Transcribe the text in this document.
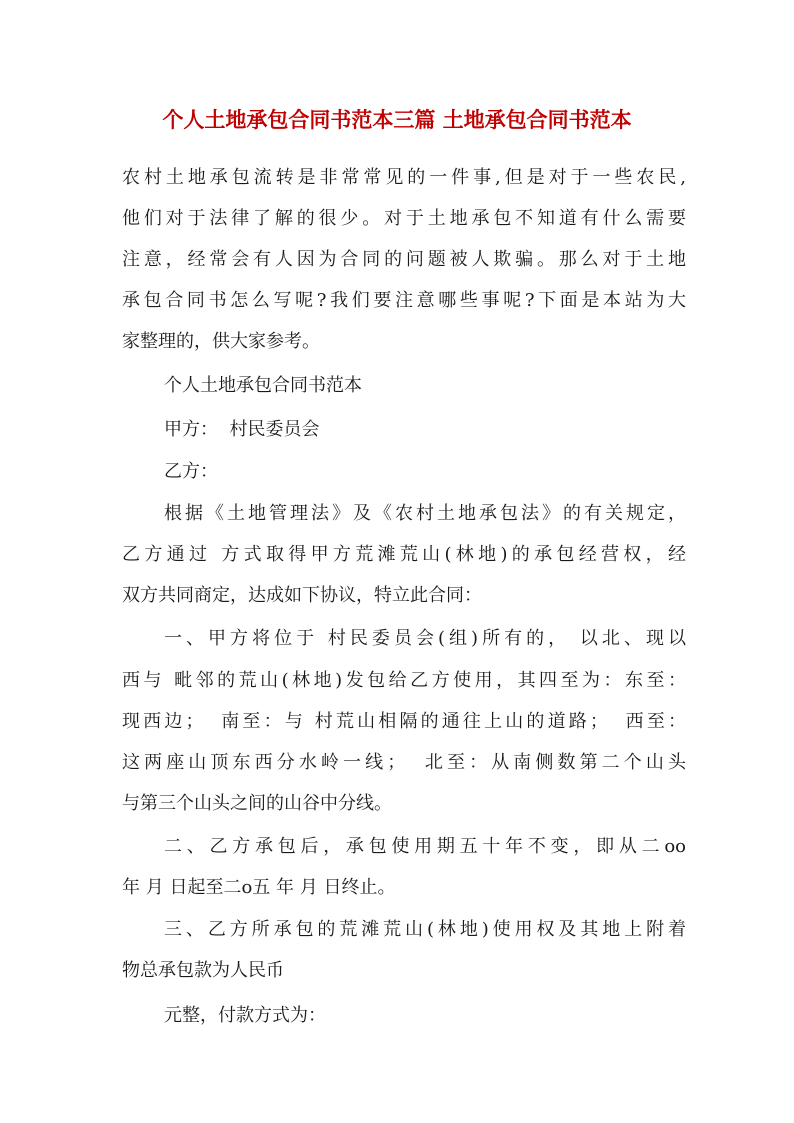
个人土地承包合同书范本三篇 土地承包合同书范本
农村土地承包流转是非常常见的一件事,但是对于一些农民,
他们对于法律了解的很少。对于土地承包不知道有什么需要
注意，经常会有人因为合同的问题被人欺骗。那么对于土地
承包合同书怎么写呢?我们要注意哪些事呢?下面是本站为大
家整理的，供大家参考。
个人土地承包合同书范本
甲方：  村民委员会
乙方：
根据《土地管理法》及《农村土地承包法》的有关规定，
乙方通过 方式取得甲方荒滩荒山(林地)的承包经营权，经
双方共同商定，达成如下协议，特立此合同：
一、甲方将位于 村民委员会(组)所有的， 以北、现以
西与 毗邻的荒山(林地)发包给乙方使用，其四至为：东至：
现西边；  南至：与 村荒山相隔的通往上山的道路；  西至：
这两座山顶东西分水岭一线；  北至：从南侧数第二个山头
与第三个山头之间的山谷中分线。
二、乙方承包后，承包使用期五十年不变，即从二oo
年 月 日起至二o五 年 月 日终止。
三、乙方所承包的荒滩荒山(林地)使用权及其地上附着
物总承包款为人民币
元整，付款方式为：
